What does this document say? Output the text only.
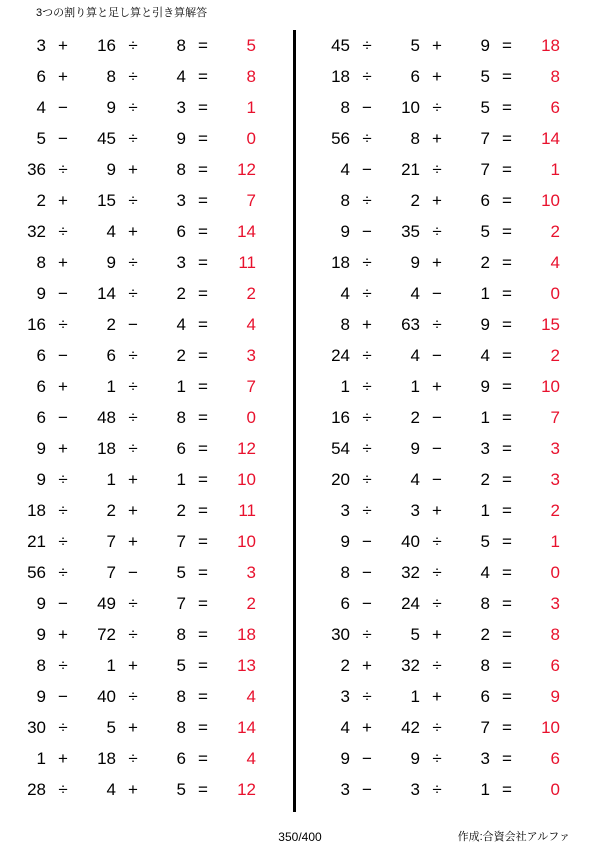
3つの割り算と足し算と引き算解答
3 +	16 ÷	8 =	5
6 +	8 ÷	4 =	8
4 −	9 ÷	3 =	1
5 −	45 ÷	9 =	0
36 ÷	9 +	8 =	12
2 +	15 ÷	3 =	7
32 ÷	4 +	6 =	14
8 +	9 ÷	3 =	11
9 −	14 ÷	2 =	2
16 ÷	2 −	4 =	4
6 −	6 ÷	2 =	3
6 +	1 ÷	1 =	7
6 −	48 ÷	8 =	0
9 +	18 ÷	6 =	12
9 ÷	1 +	1 =	10
18 ÷	2 +	2 =	11
21 ÷	7 +	7 =	10
56 ÷	7 −	5 =	3
9 −	49 ÷	7 =	2
9 +	72 ÷	8 =	18
8 ÷	1 +	5 =	13
9 −	40 ÷	8 =	4
30 ÷	5 +	8 =	14
1 +	18 ÷	6 =	4
28 ÷	4 +	5 =	12
45 ÷	5 +	9 =	18
18 ÷	6 +	5 =	8
8 −	10 ÷	5 =	6
56 ÷	8 +	7 =	14
4 −	21 ÷	7 =	1
8 ÷	2 +	6 =	10
9 −	35 ÷	5 =	2
18 ÷	9 +	2 =	4
4 ÷	4 −	1 =	0
8 +	63 ÷	9 =	15
24 ÷	4 −	4 =	2
1 ÷	1 +	9 =	10
16 ÷	2 −	1 =	7
54 ÷	9 −	3 =	3
20 ÷	4 −	2 =	3
3 ÷	3 +	1 =	2
9 −	40 ÷	5 =	1
8 −	32 ÷	4 =	0
6 −	24 ÷	8 =	3
30 ÷	5 +	2 =	8
2 +	32 ÷	8 =	6
3 ÷	1 +	6 =	9
4 +	42 ÷	7 =	10
9 −	9 ÷	3 =	6
3 −	3 ÷	1 =	0
350/400	作成:合資会社アルファ
